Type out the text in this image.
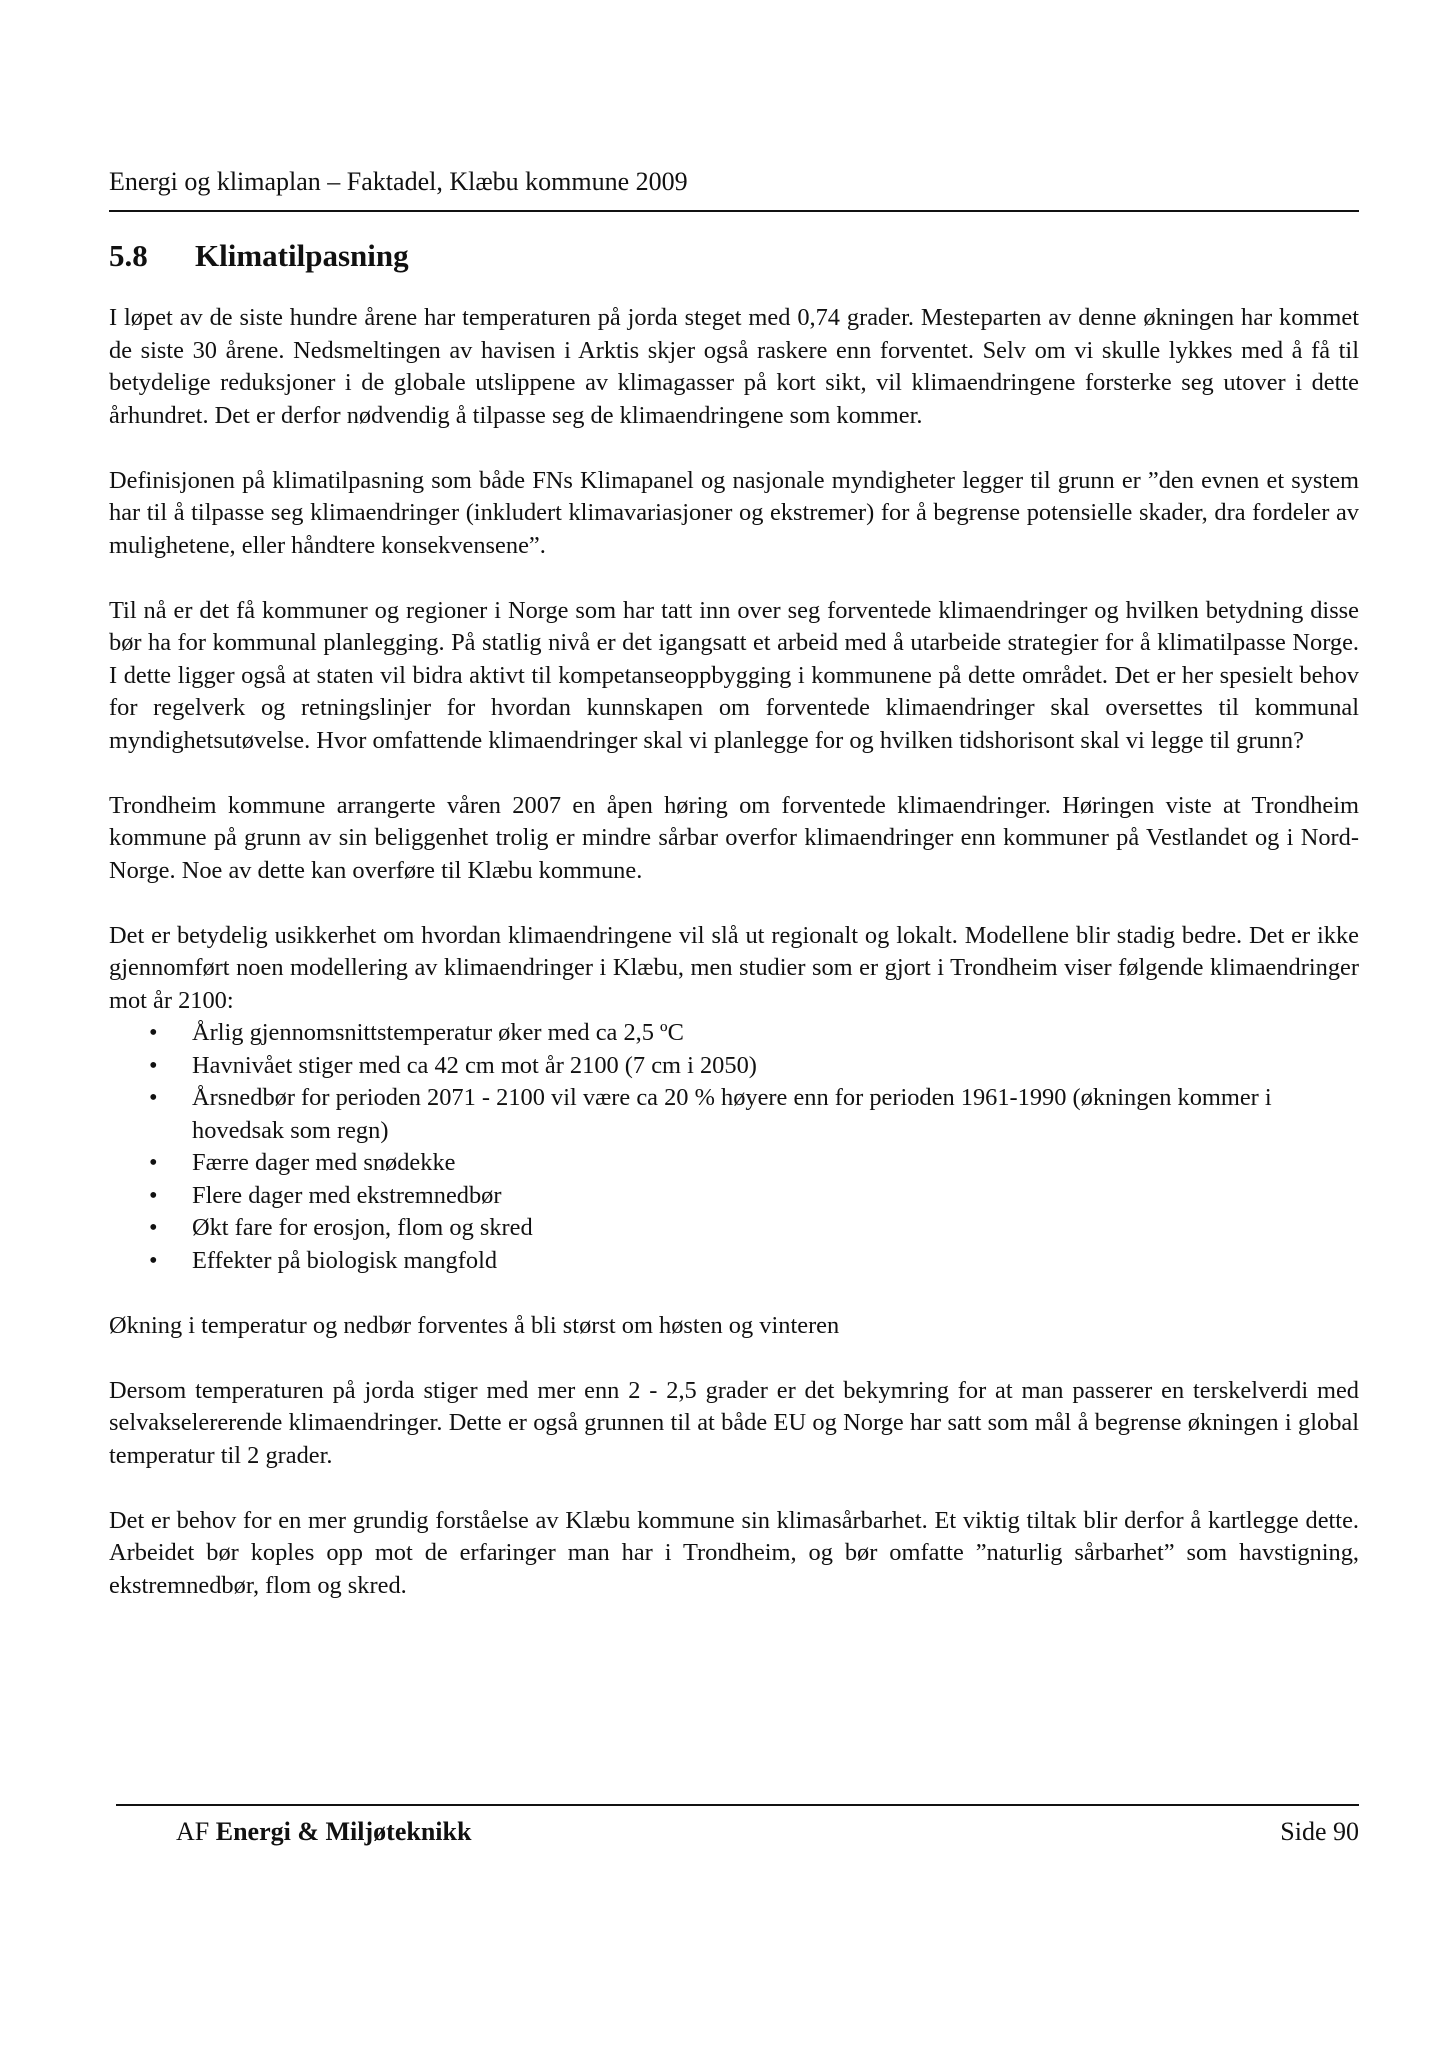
Energi og klimaplan – Faktadel, Klæbu kommune 2009
5.8 Klimatilpasning

I løpet av de siste hundre årene har temperaturen på jorda steget med 0,74 grader. Mesteparten av denne økningen har kommet de siste 30 årene. Nedsmeltingen av havisen i Arktis skjer også raskere enn forventet. Selv om vi skulle lykkes med å få til betydelige reduksjoner i de globale utslippene av klimagasser på kort sikt, vil klimaendringene forsterke seg utover i dette århundret. Det er derfor nødvendig å tilpasse seg de klimaendringene som kommer.

Definisjonen på klimatilpasning som både FNs Klimapanel og nasjonale myndigheter legger til grunn er ”den evnen et system har til å tilpasse seg klimaendringer (inkludert klimavariasjoner og ekstremer) for å begrense potensielle skader, dra fordeler av mulighetene, eller håndtere konsekvensene”.

Til nå er det få kommuner og regioner i Norge som har tatt inn over seg forventede klimaendringer og hvilken betydning disse bør ha for kommunal planlegging. På statlig nivå er det igangsatt et arbeid med å utarbeide strategier for å klimatilpasse Norge. I dette ligger også at staten vil bidra aktivt til kompetanseoppbygging i kommunene på dette området. Det er her spesielt behov for regelverk og retningslinjer for hvordan kunnskapen om forventede klimaendringer skal oversettes til kommunal myndighetsutøvelse. Hvor omfattende klimaendringer skal vi planlegge for og hvilken tidshorisont skal vi legge til grunn?

Trondheim kommune arrangerte våren 2007 en åpen høring om forventede klimaendringer. Høringen viste at Trondheim kommune på grunn av sin beliggenhet trolig er mindre sårbar overfor klimaendringer enn kommuner på Vestlandet og i Nord-Norge. Noe av dette kan overføre til Klæbu kommune.

Det er betydelig usikkerhet om hvordan klimaendringene vil slå ut regionalt og lokalt. Modellene blir stadig bedre. Det er ikke gjennomført noen modellering av klimaendringer i Klæbu, men studier som er gjort i Trondheim viser følgende klimaendringer mot år 2100:

• Årlig gjennomsnittstemperatur øker med ca 2,5 ºC
• Havnivået stiger med ca 42 cm mot år 2100 (7 cm i 2050)
• Årsnedbør for perioden 2071 - 2100 vil være ca 20 % høyere enn for perioden 1961-1990 (økningen kommer i hovedsak som regn)
• Færre dager med snødekke
• Flere dager med ekstremnedbør
• Økt fare for erosjon, flom og skred
• Effekter på biologisk mangfold

Økning i temperatur og nedbør forventes å bli størst om høsten og vinteren

Dersom temperaturen på jorda stiger med mer enn 2 - 2,5 grader er det bekymring for at man passerer en terskelverdi med selvakselererende klimaendringer. Dette er også grunnen til at både EU og Norge har satt som mål å begrense økningen i global temperatur til 2 grader.

Det er behov for en mer grundig forståelse av Klæbu kommune sin klimasårbarhet. Et viktig tiltak blir derfor å kartlegge dette. Arbeidet bør koples opp mot de erfaringer man har i Trondheim, og bør omfatte ”naturlig sårbarhet” som havstigning, ekstremnedbør, flom og skred.

AF Energi & Miljøteknikk	Side 90
